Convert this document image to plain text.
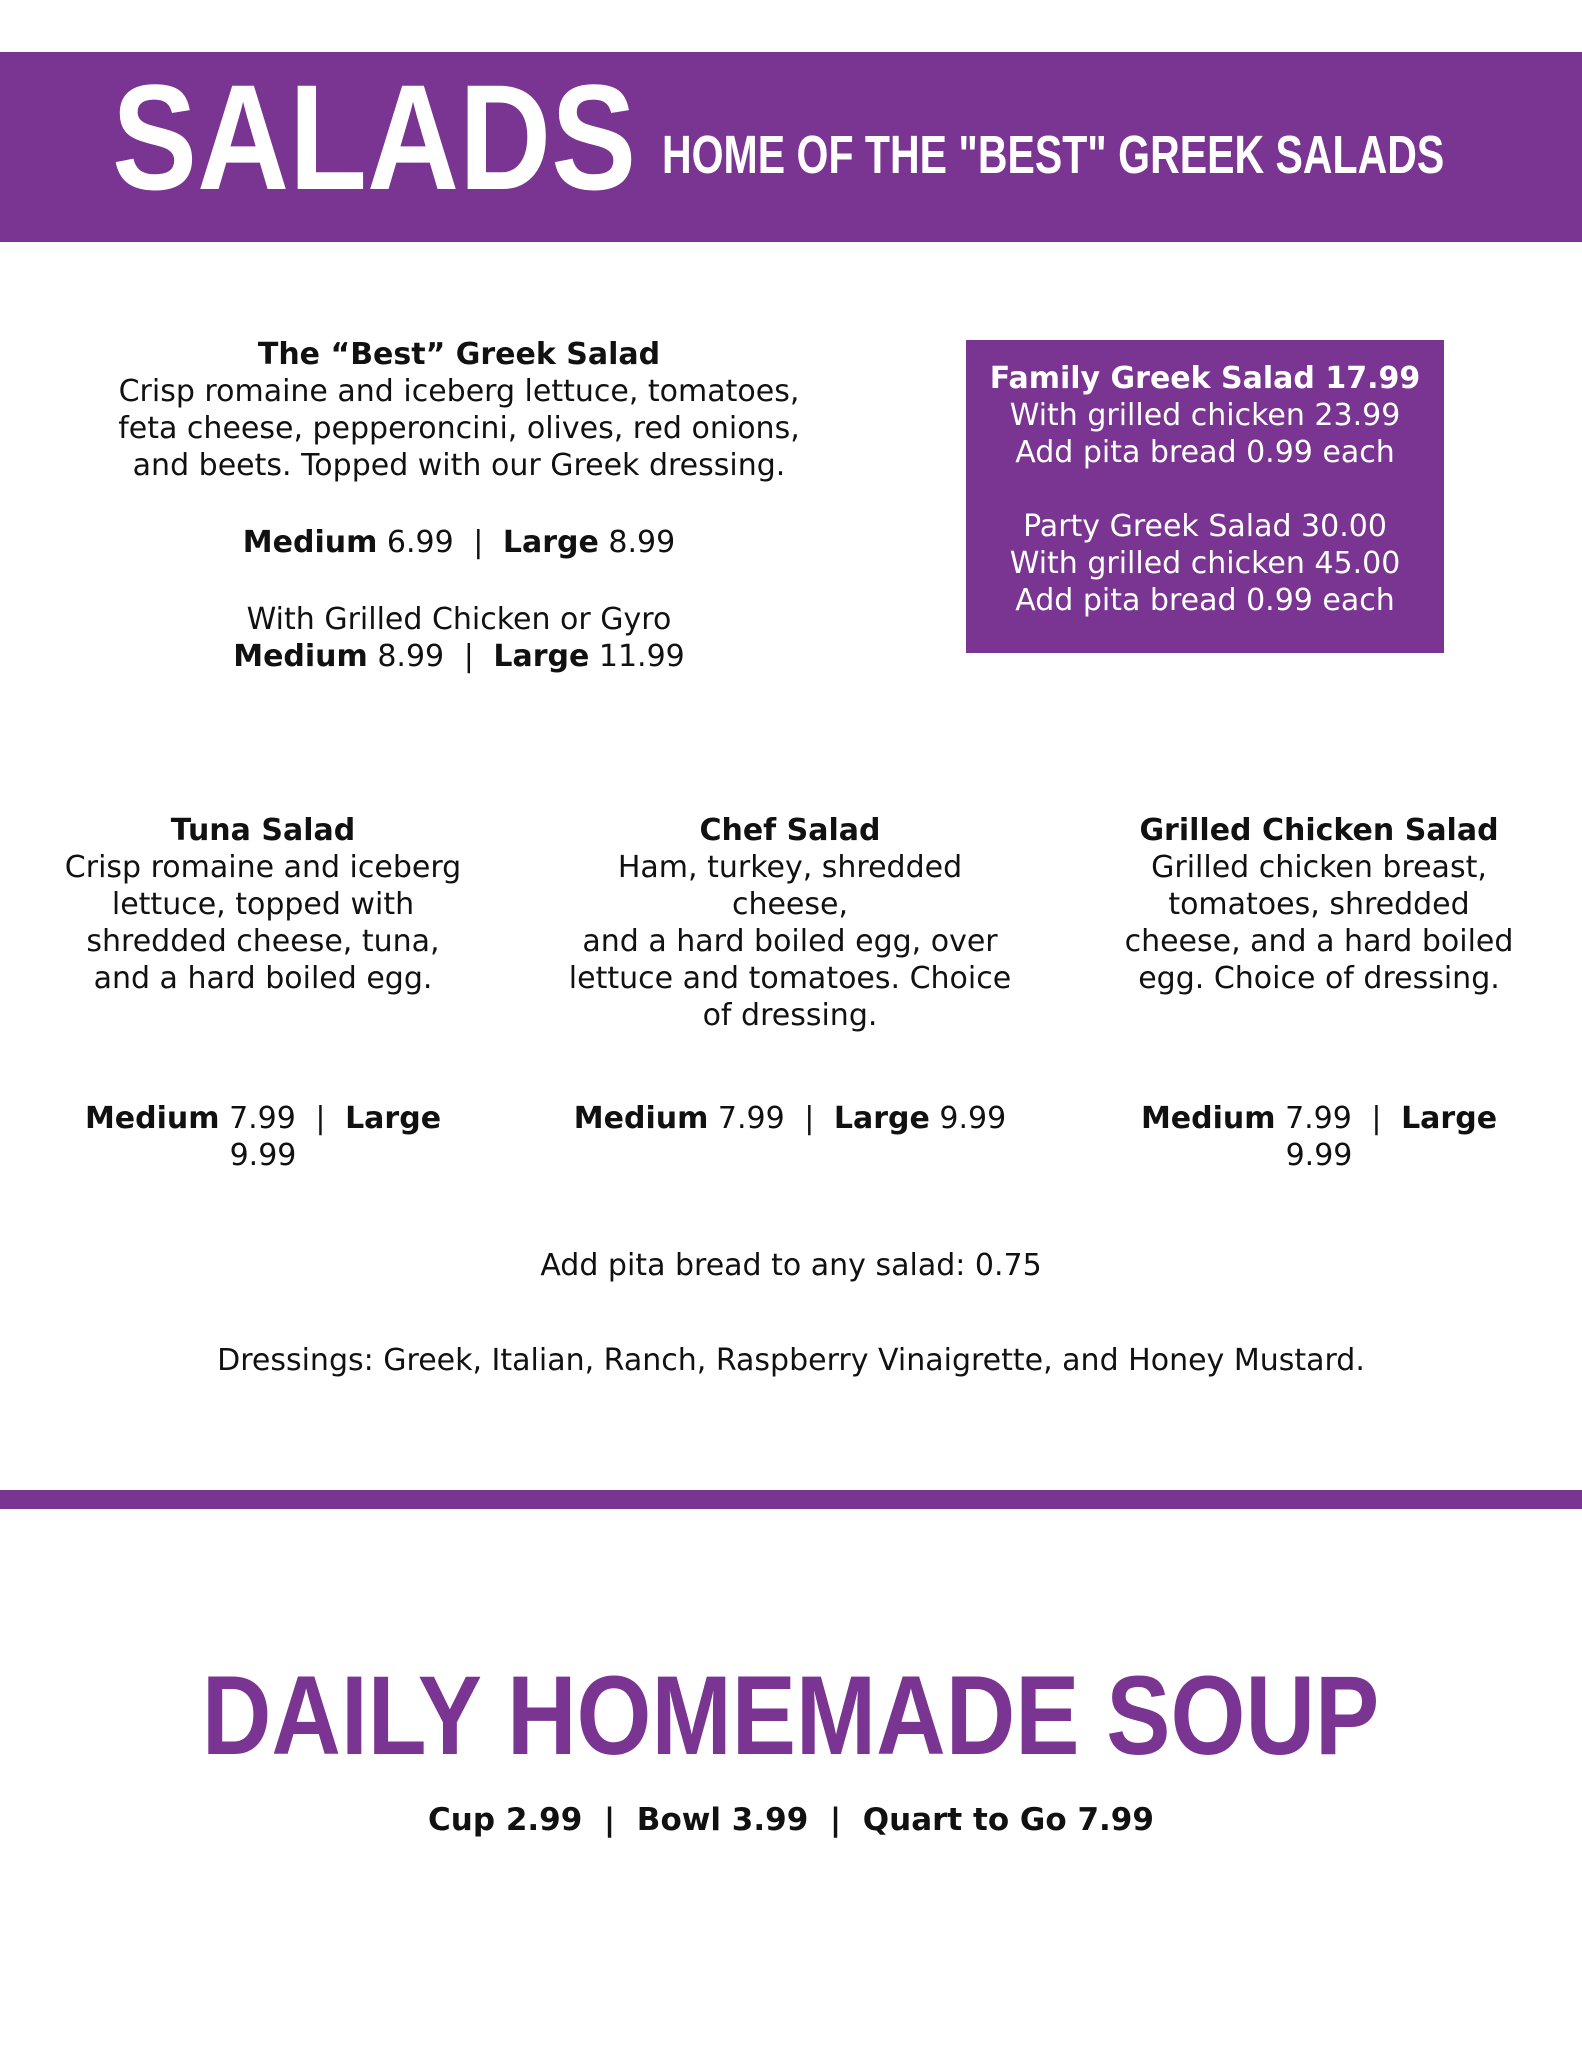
SALADS HOME OF THE "BEST" GREEK SALADS
The “Best” Greek Salad
Crisp romaine and iceberg lettuce, tomatoes,
feta cheese, pepperoncini, olives, red onions,
and beets. Topped with our Greek dressing.
Medium 6.99 | Large 8.99
With Grilled Chicken or Gyro
Medium 8.99 | Large 11.99
Family Greek Salad 17.99
With grilled chicken 23.99
Add pita bread 0.99 each
Party Greek Salad 30.00
With grilled chicken 45.00
Add pita bread 0.99 each
Tuna Salad
Crisp romaine and iceberg
lettuce, topped with
shredded cheese, tuna,
and a hard boiled egg.
Medium 7.99 | Large 9.99
Chef Salad
Ham, turkey, shredded cheese,
and a hard boiled egg, over
lettuce and tomatoes. Choice
of dressing.
Medium 7.99 | Large 9.99
Grilled Chicken Salad
Grilled chicken breast,
tomatoes, shredded
cheese, and a hard boiled
egg. Choice of dressing.
Medium 7.99 | Large 9.99
Add pita bread to any salad: 0.75
Dressings: Greek, Italian, Ranch, Raspberry Vinaigrette, and Honey Mustard.
DAILY HOMEMADE SOUP
Cup 2.99  |  Bowl 3.99  |  Quart to Go 7.99
